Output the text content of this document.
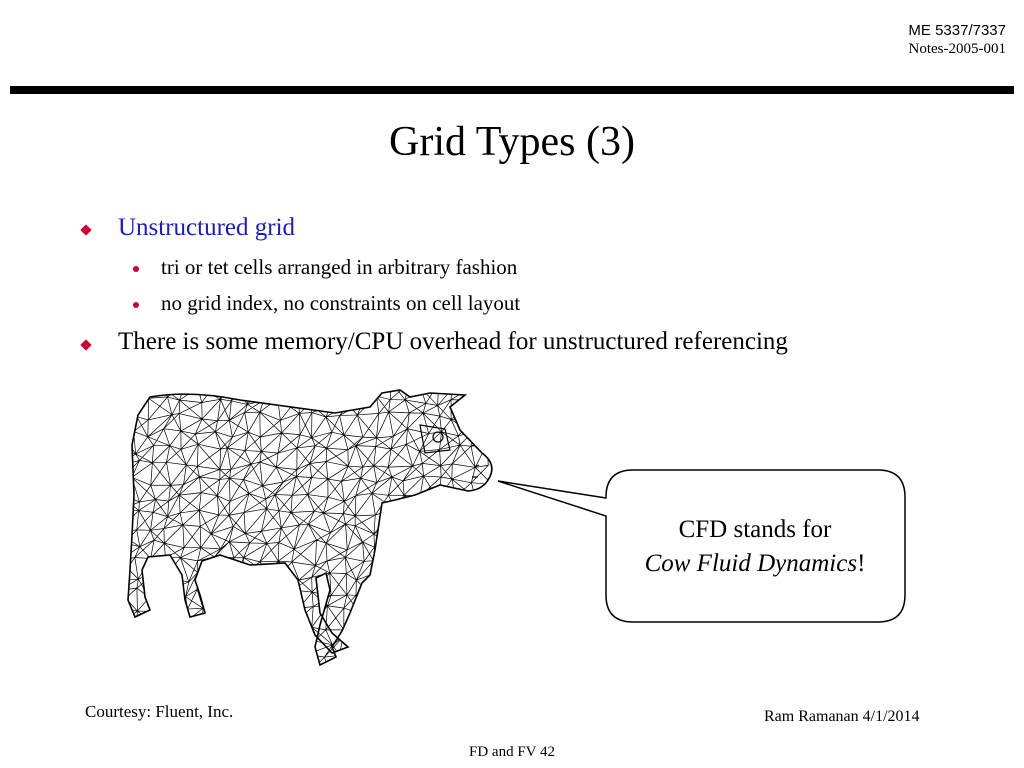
ME 5337/7337
Notes-2005-001
Grid Types (3)
Unstructured grid
tri or tet cells arranged in arbitrary fashion
no grid index, no constraints on cell layout
There is some memory/CPU overhead for unstructured referencing
CFD stands for
Cow Fluid Dynamics!
Courtesy: Fluent, Inc.	Ram Ramanan 4/1/2014
FD and FV 42
